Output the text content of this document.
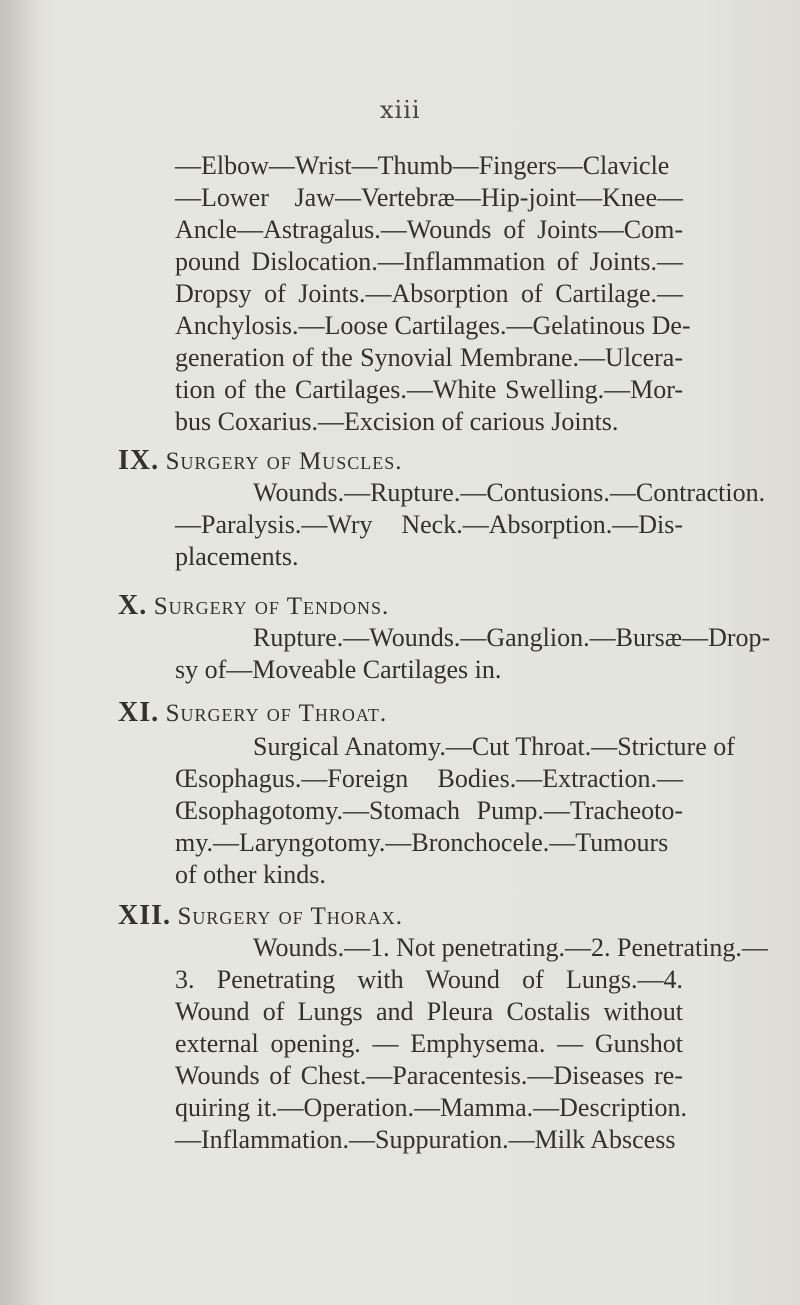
xiii
—Elbow—Wrist—Thumb—Fingers—Clavicle
—Lower Jaw—Vertebræ—Hip-joint—Knee—
Ancle—Astragalus.—Wounds of Joints—Com-
pound Dislocation.—Inflammation of Joints.—
Dropsy of Joints.—Absorption of Cartilage.—
Anchylosis.—Loose Cartilages.—Gelatinous De-
generation of the Synovial Membrane.—Ulcera-
tion of the Cartilages.—White Swelling.—Mor-
bus Coxarius.—Excision of carious Joints.
IX. Surgery of Muscles.
Wounds.—Rupture.—Contusions.—Contraction.
—Paralysis.—Wry Neck.—Absorption.—Dis-
placements.
X. Surgery of Tendons.
Rupture.—Wounds.—Ganglion.—Bursæ—Drop-
sy of—Moveable Cartilages in.
XI. Surgery of Throat.
Surgical Anatomy.—Cut Throat.—Stricture of
Œsophagus.—Foreign Bodies.—Extraction.—
Œsophagotomy.—Stomach Pump.—Tracheoto-
my.—Laryngotomy.—Bronchocele.—Tumours
of other kinds.
XII. Surgery of Thorax.
Wounds.—1. Not penetrating.—2. Penetrating.—
3. Penetrating with Wound of Lungs.—4.
Wound of Lungs and Pleura Costalis without
external opening. — Emphysema. — Gunshot
Wounds of Chest.—Paracentesis.—Diseases re-
quiring it.—Operation.—Mamma.—Description.
—Inflammation.—Suppuration.—Milk Abscess
